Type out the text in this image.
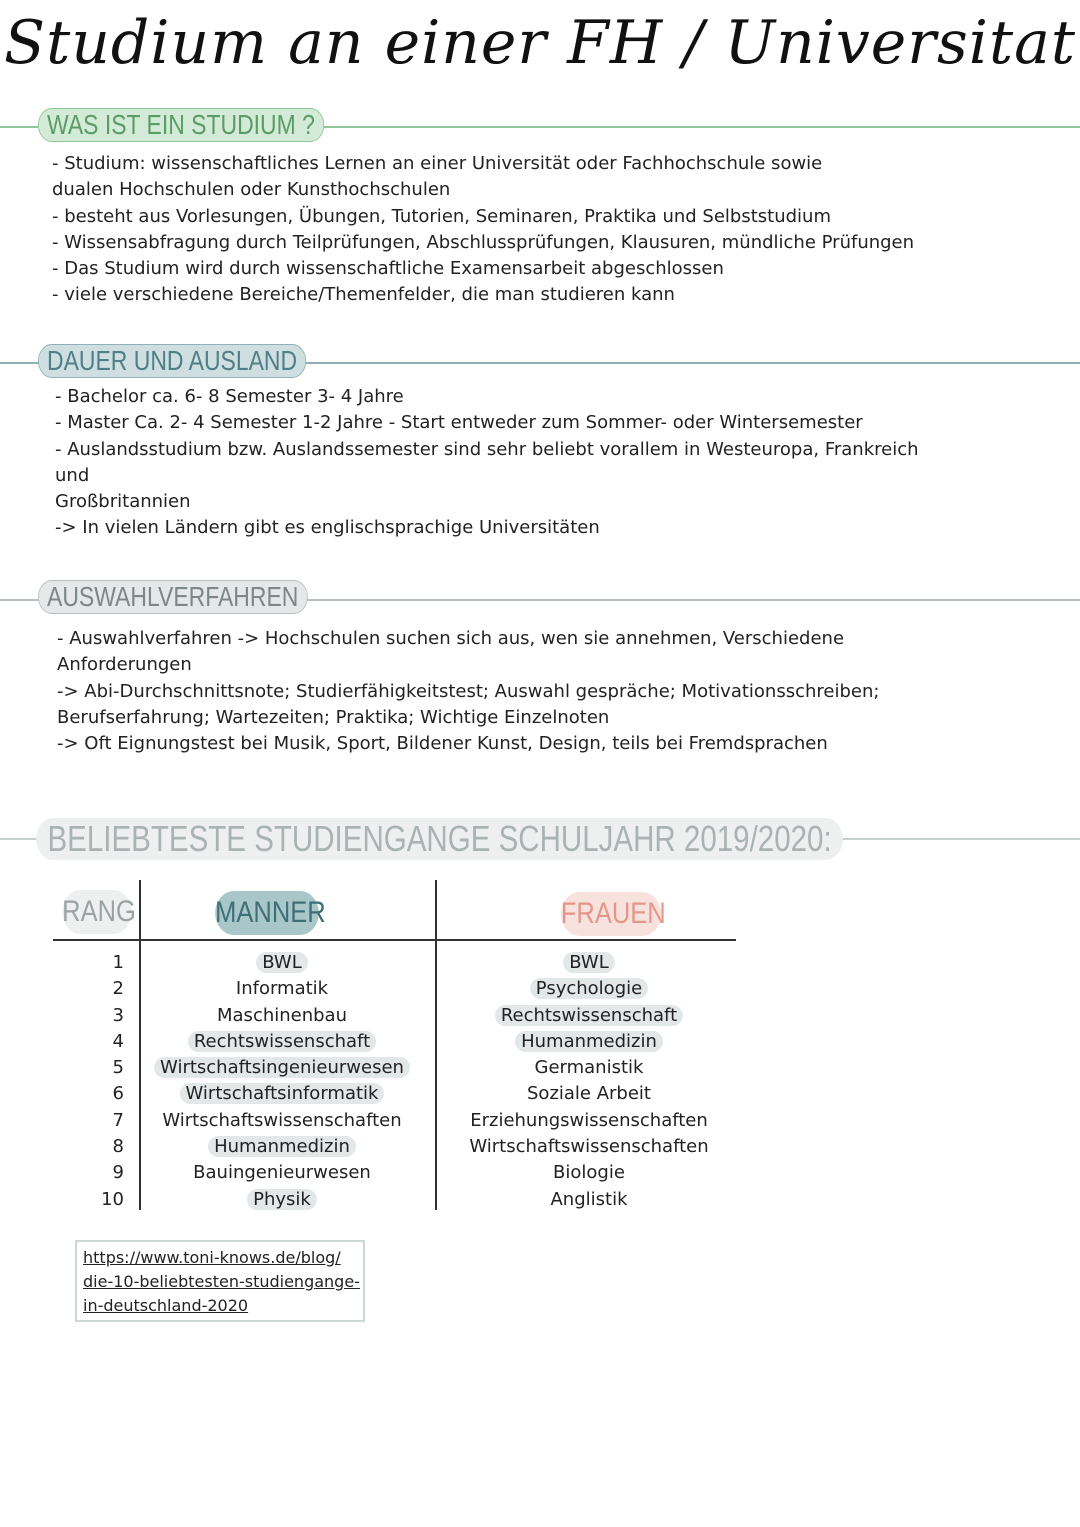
Studium an einer FH / Universitat
WAS IST EIN STUDIUM ?
- Studium: wissenschaftliches Lernen an einer Universität oder Fachhochschule sowie
dualen Hochschulen oder Kunsthochschulen
- besteht aus Vorlesungen, Übungen, Tutorien, Seminaren, Praktika und Selbststudium
- Wissensabfragung durch Teilprüfungen, Abschlussprüfungen, Klausuren, mündliche Prüfungen
- Das Studium wird durch wissenschaftliche Examensarbeit abgeschlossen
- viele verschiedene Bereiche/Themenfelder, die man studieren kann
DAUER UND AUSLAND
- Bachelor ca. 6- 8 Semester 3- 4 Jahre
- Master Ca. 2- 4 Semester 1-2 Jahre - Start entweder zum Sommer- oder Wintersemester
- Auslandsstudium bzw. Auslandssemester sind sehr beliebt vorallem in Westeuropa, Frankreich
und
Großbritannien
-> In vielen Ländern gibt es englischsprachige Universitäten
AUSWAHLVERFAHREN
- Auswahlverfahren -> Hochschulen suchen sich aus, wen sie annehmen, Verschiedene
Anforderungen
-> Abi-Durchschnittsnote; Studierfähigkeitstest; Auswahl gespräche; Motivationsschreiben;
Berufserfahrung; Wartezeiten; Praktika; Wichtige Einzelnoten
-> Oft Eignungstest bei Musik, Sport, Bildener Kunst, Design, teils bei Fremdsprachen
BELIEBTESTE STUDIENGANGE SCHULJAHR 2019/2020:
RANG	MANNER	FRAUEN
1
2
3
4
5
6
7
8
9
10
BWL
Informatik
Maschinenbau
Rechtswissenschaft
Wirtschaftsingenieurwesen
Wirtschaftsinformatik
Wirtschaftswissenschaften
Humanmedizin
Bauingenieurwesen
Physik
BWL
Psychologie
Rechtswissenschaft
Humanmedizin
Germanistik
Soziale Arbeit
Erziehungswissenschaften
Wirtschaftswissenschaften
Biologie
Anglistik
https://www.toni-knows.de/blog/
die-10-beliebtesten-studiengange-
in-deutschland-2020
